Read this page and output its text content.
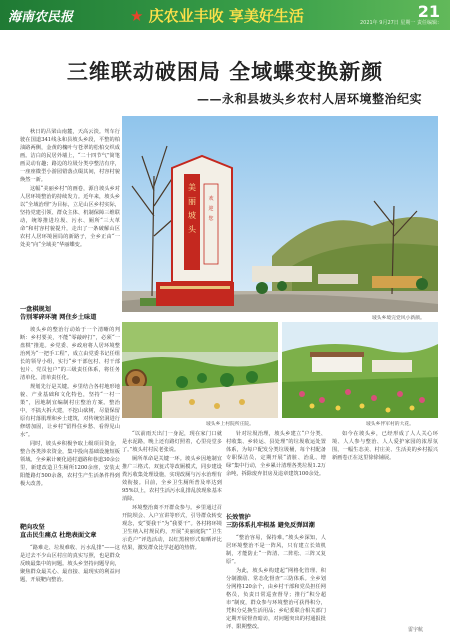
海南农民报	★ 庆农业丰收 享美好生活	21
2021年 9月27日 星期一 责任编辑：
三维联动破困局 全域蝶变换新颜
——永和县坡头乡农村人居环境整治纪实

秋日的吕梁山南麓，天高云淡。驾车行驶在国道341线永和县坡头乡段，平整的柏油路两侧，金黄的槐叶与苍翠的松柏交织成画。洁白的民居外墙上，“二十四节气”简笔画灵动有趣；路边的垃圾分类亭整洁有序，一座座微型小游园错落点缀其间，村容村貌焕然一新。

这幅“美丽乡村”的画卷，源自坡头乡对人居环境整治的持续发力。近年来，坡头乡以“全域治理”为目标，立足山区乡村实际，坚持党建引领、群众主体、机制保障三维联动，统筹推进垃圾、污水、厕所“三大革命”和村容村貌提升，走出了一条破解山区农村人居环境困局的新路子，全乡正由“一处美”向“全域美”华丽蝶变。

美
丽
坡
头
欢
迎
您
坡头乡境完党风小新颜。
一盘棋规划
告别零碎环境 网住乡土味道

坡头乡的整治行动始于一个清晰的判断：乡村要美，不能“零敲碎打”，必须“一盘棋”推进。乡党委、乡政府将人居环境整治列为“一把手工程”，成立由党委书记任组长的领导小组，实行“乡干部包村、村干部包片、党员包户”的三级责任体系，将任务清单化、清单责任化。

规划先行是关键。乡里结合各村地形地貌、产业基础和文化特色，坚持“一村一策”，因地制宜编制村庄整治方案。整治中，不搞大拆大建，不挖山砍树，尽量保留原有村落肌理和乡土建筑，对传统窑洞进行修缮加固，让乡村“留得住乡愁、看得见山水”。

同时，坡头乡积极争取上级项目资金，整合各类涉农资金，集中投向基础设施短板领域。全乡累计硬化通村道路和巷道30余公里，新建改造卫生厕所1200余座，安装太阳能路灯500余盏，农村生产生活条件得到极大改善。

靶向攻坚
直击民生痛点 杜绝表面文章

“路难走、垃圾难收、污水乱排”——这是过去不少山区村庄的真实写照，也是群众反映最集中的问题。坡头乡坚持问题导向，聚焦群众最关心、最直接、最现实的利益问题，开展靶向整治。

坡头乡上村院所庄院。	坡头乡伴军村的大花。

“以前雨天出门一身泥，现在家门口就是水泥路，晚上还有路灯照着，心里亮堂多了。”坡头村村民老张说。

厕所革命是关键一环。坡头乡因地制宜推广三格式、双瓮式等改厕模式，同步建设粪污收集处理设施，实现改厕与污水治理有效衔接。目前，全乡卫生厕所普及率达到95%以上，农村生活污水乱排乱放现象基本消除。

环境整治离不开群众参与。乡里通过召开院坝会、入户宣讲等形式，引导群众转变观念，变“要我干”为“我要干”。各村将环境卫生纳入村规民约，开展“美丽庭院”“卫生示范户”评选活动，以红黑榜形式晾晒评比结果，激发群众比学赶超的热情。

针对垃圾治理，坡头乡建立“户分类、村收集、乡转运、县处理”的垃圾收运处置体系，为每户配发分类垃圾桶，每个村配备专职保洁员，定期开展“清脏、治乱、增绿”集中行动，全乡累计清理各类垃圾1.2万余吨，拆除废弃旧房及违章建筑100余处。

长效管护
三防体系扎牢根基 避免反弹回潮

“整治容易，保持难。”坡头乡深知，人居环境整治不是一阵风，只有建立长效机制，才能防止“一阵清、二阵松、三阵又复原”。

为此，坡头乡构建起“网格化管理、积分制激励、常态化督查”三防体系。全乡划分网格120余个，由乡村干部和党员担任网格员，负责日常巡查督导；推行“积分超市”制度，群众参与环境整治可获得积分，凭积分兑换生活用品；乡纪委联合相关部门定期开展督查暗访，对问题突出的村通报批评、限期整改。

如今在坡头乡，已经形成了人人关心环境、人人参与整治、人人爱护家园的浓厚氛围，一幅生态美、村庄美、生活美的乡村振兴新画卷正在这里徐徐铺展。

雷宇航
